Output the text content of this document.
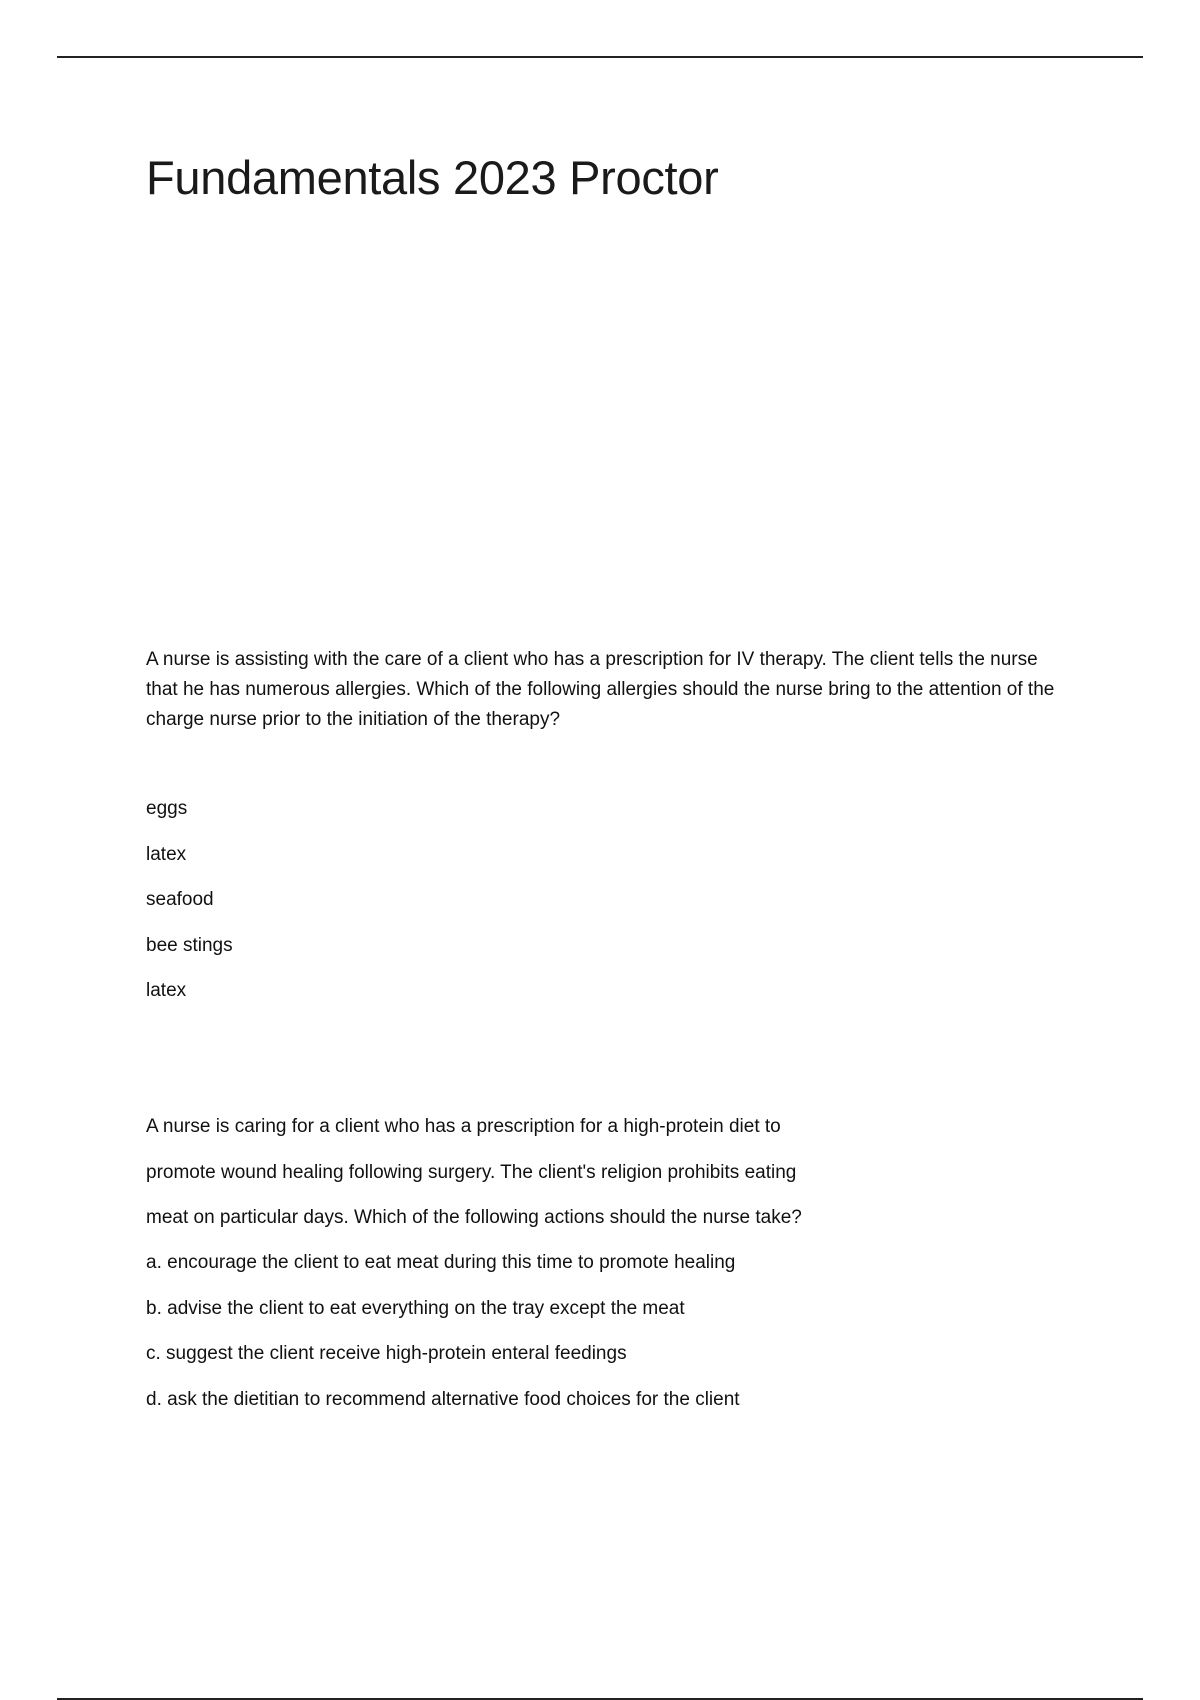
Fundamentals 2023 Proctor

A nurse is assisting with the care of a client who has a prescription for IV therapy. The client tells the nurse that he has numerous allergies. Which of the following allergies should the nurse bring to the attention of the charge nurse prior to the initiation of the therapy?

eggs
latex
seafood
bee stings
latex
A nurse is caring for a client who has a prescription for a high-protein diet to
promote wound healing following surgery. The client's religion prohibits eating
meat on particular days. Which of the following actions should the nurse take?
a. encourage the client to eat meat during this time to promote healing
b. advise the client to eat everything on the tray except the meat
c. suggest the client receive high-protein enteral feedings
d. ask the dietitian to recommend alternative food choices for the client
